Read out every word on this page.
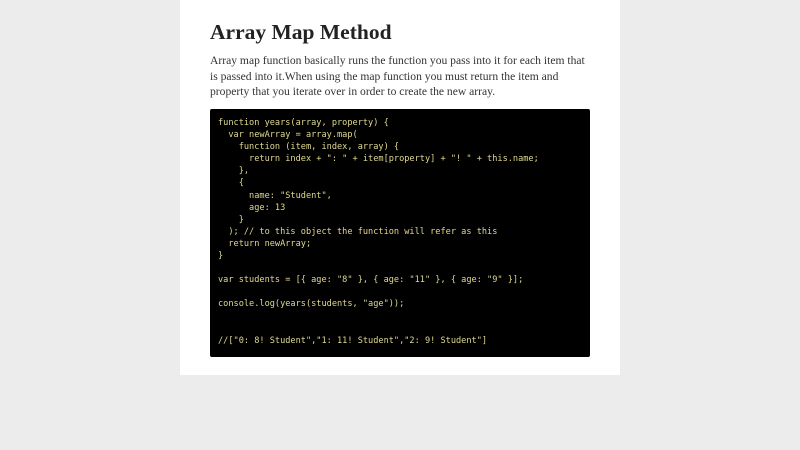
Array Map Method

Array map function basically runs the function you pass into it for each item that is passed into it.When using the map function you must return the item and property that you iterate over in order to create the new array.

function years(array, property) {
var newArray = array.map(
function (item, index, array) {
return index + ": " + item[property] + "! " + this.name;
},
{
name: "Student",
age: 13
}
); // to this object the function will refer as this
return newArray;
}

var students = [{ age: "8" }, { age: "11" }, { age: "9" }];

console.log(years(students, "age"));

//["0: 8! Student","1: 11! Student","2: 9! Student"]
